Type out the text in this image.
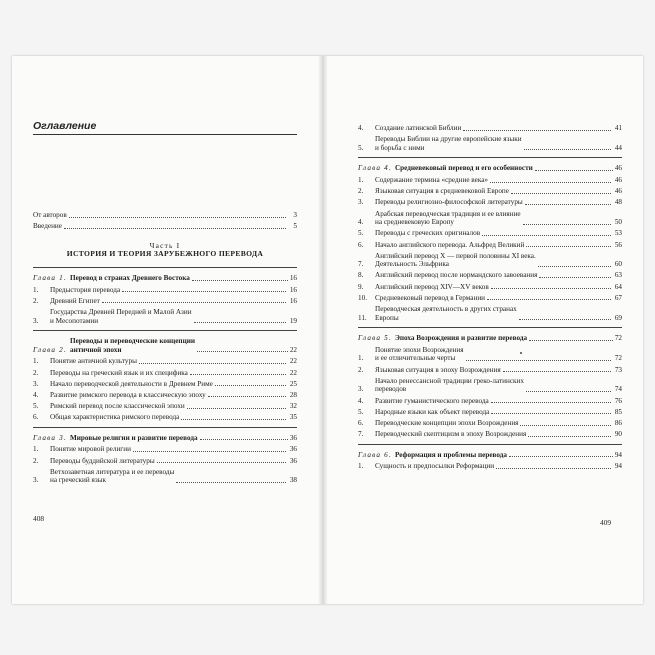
Оглавление
От авторов	3
Введение	5
Часть I
ИСТОРИЯ И ТЕОРИЯ ЗАРУБЕЖНОГО ПЕРЕВОДА
Глава 1. Перевод в странах Древнего Востока	16
1.	Предыстория перевода	16
2.	Древний Египет	16
3.
Государства Древней Передней и Малой Азии
и Месопотамии	19
Глава 2.
Переводы и переводческие концепции
античной эпохи	22
1.	Понятие античной культуры	22
2.	Переводы на греческий язык и их специфика	22
3.	Начало переводческой деятельности в Древнем Риме	25
4.	Развитие римского перевода в классическую эпоху	28
5.	Римский перевод после классической эпохи	32
6.	Общая характеристика римского перевода	35
Глава 3. Мировые религии и развитие перевода	36
1.	Понятие мировой религии	36
2.	Переводы буддийской литературы	36
3.
Ветхозаветная литература и ее переводы
на греческий язык	38
408
4.	Создание латинской Библии	41
5.
Переводы Библии на другие европейские языки
и борьба с ними	44
Глава 4. Средневековый перевод и его особенности	46
1.	Содержание термина «средние века»	46
2.	Языковая ситуация в средневековой Европе	46
3.	Переводы религиозно-философской литературы	48
4.
Арабская переводческая традиция и ее влияние
на средневековую Европу	50
5.	Переводы с греческих оригиналов	53
6.	Начало английского перевода. Альфред Великий	56
7.
Английский перевод X — первой половины XI века.
Деятельность Эльфрика	60
8.	Английский перевод после нормандского завоевания	63
9.	Английский перевод XIV—XV веков	64
10.	Средневековый перевод в Германии	67
11.
Переводческая деятельность в других странах
Европы	69
Глава 5. Эпоха Возрождения и развитие перевода	72
1.
Понятие эпохи Возрождения
и ее отличительные черты	72
2.	Языковая ситуация в эпоху Возрождения	73
3.
Начало ренессансной традиции греко-латинских
переводов	74
4.	Развитие гуманистического перевода	76
5.	Народные языки как объект перевода	85
6.	Переводческие концепции эпохи Возрождения	86
7.	Переводческий скептицизм в эпоху Возрождения	90
Глава 6. Реформация и проблемы перевода	94
1.	Сущность и предпосылки Реформации	94
409
